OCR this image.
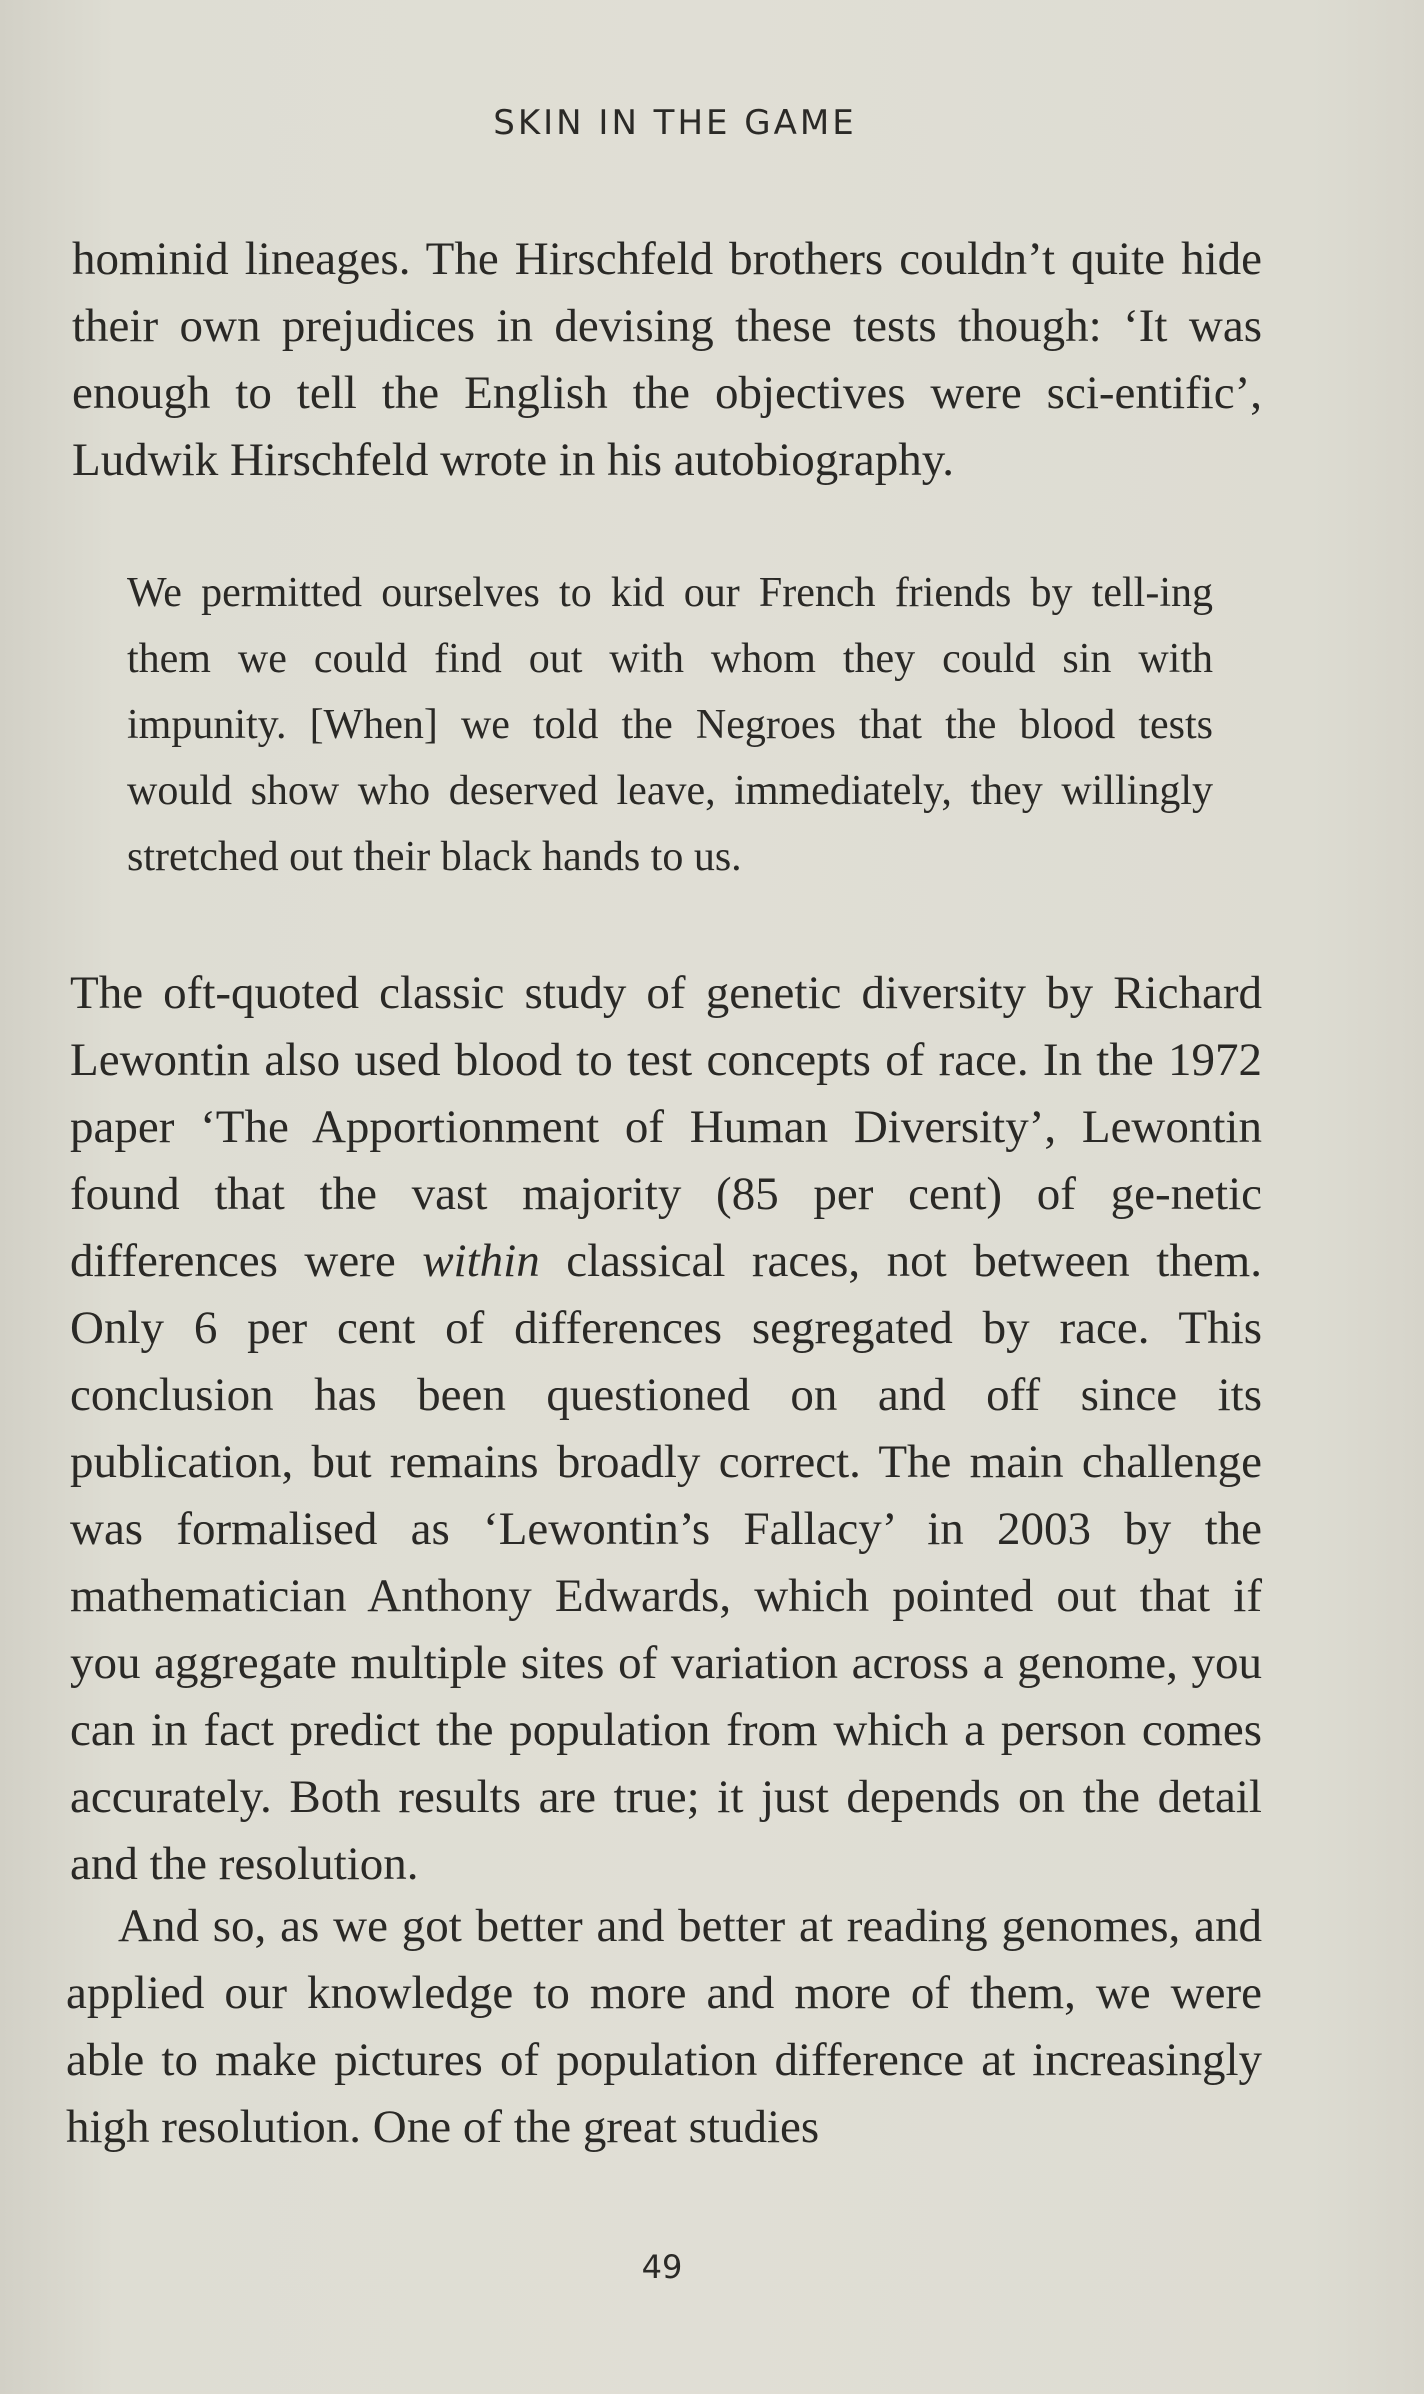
SKIN IN THE GAME

hominid lineages. The Hirschfeld brothers couldn’t quite hide their own prejudices in devising these tests though: ‘It was enough to tell the English the objectives were sci-entific’, Ludwik Hirschfeld wrote in his autobiography.

We permitted ourselves to kid our French friends by tell-ing them we could find out with whom they could sin with impunity. [When] we told the Negroes that the blood tests would show who deserved leave, immediately, they willingly stretched out their black hands to us.

The oft-quoted classic study of genetic diversity by Richard Lewontin also used blood to test concepts of race. In the 1972 paper ‘The Apportionment of Human Diversity’, Lewontin found that the vast majority (85 per cent) of ge-netic differences were within classical races, not between them. Only 6 per cent of differences segregated by race. This conclusion has been questioned on and off since its publication, but remains broadly correct. The main challenge was formalised as ‘Lewontin’s Fallacy’ in 2003 by the mathematician Anthony Edwards, which pointed out that if you aggregate multiple sites of variation across a genome, you can in fact predict the population from which a person comes accurately. Both results are true; it just depends on the detail and the resolution.

And so, as we got better and better at reading genomes, and applied our knowledge to more and more of them, we were able to make pictures of population difference at increasingly high resolution. One of the great studies

49
